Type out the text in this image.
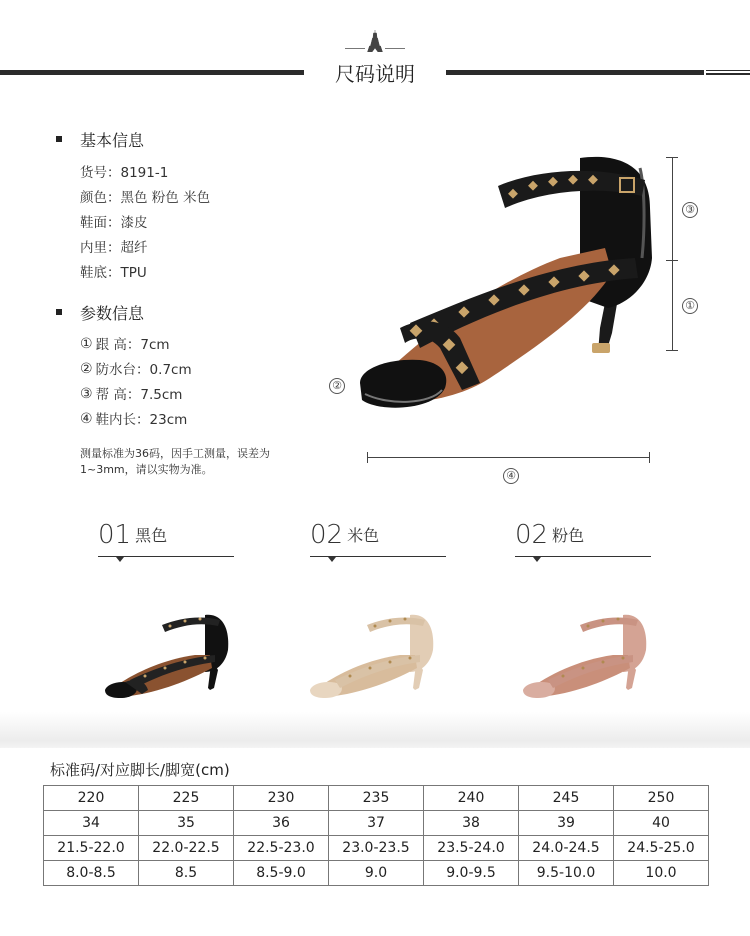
尺码说明
基本信息
货号：8191-1
颜色：黑色 粉色 米色
鞋面：漆皮
内里：超纤
鞋底：TPU
参数信息
① 跟 高：7cm
② 防水台：0.7cm
③ 帮 高：7.5cm
④ 鞋内长：23cm
测量标准为36码，因手工测量，误差为1~3mm，请以实物为准。
③
①
②
④
01 黑色	02 米色	02 粉色
标准码/对应脚长/脚宽(cm)
220	225	230	235	240	245	250
34	35	36	37	38	39	40
21.5-22.0	22.0-22.5	22.5-23.0	23.0-23.5	23.5-24.0	24.0-24.5	24.5-25.0
8.0-8.5	8.5	8.5-9.0	9.0	9.0-9.5	9.5-10.0	10.0
